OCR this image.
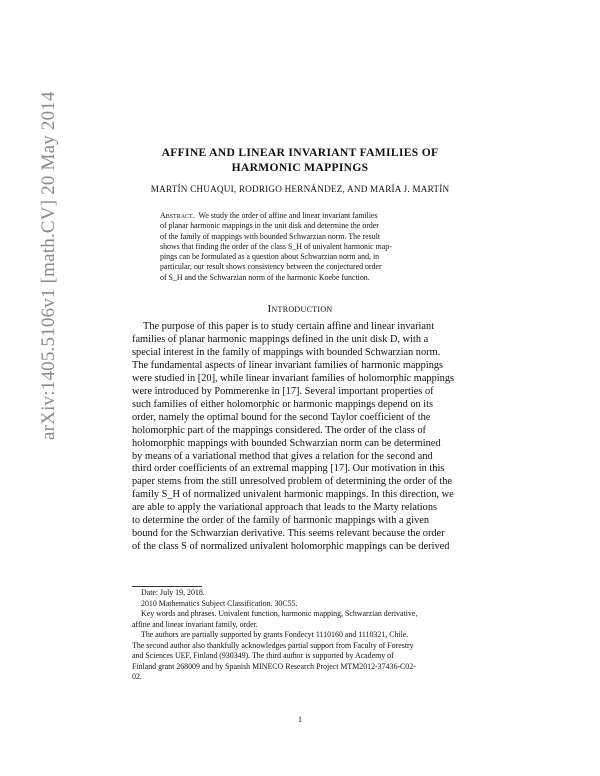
arXiv:1405.5106v1 [math.CV] 20 May 2014	AFFINE AND LINEAR INVARIANT FAMILIES OF
HARMONIC MAPPINGS
MARTÍN CHUAQUI, RODRIGO HERNÁNDEZ, AND MARÍA J. MARTÍN
Abstract. We study the order of affine and linear invariant families
of planar harmonic mappings in the unit disk and determine the order
of the family of mappings with bounded Schwarzian norm. The result
shows that finding the order of the class S_H of univalent harmonic map-
pings can be formulated as a question about Schwarzian norm and, in
particular, our result shows consistency between the conjectured order
of S_H and the Schwarzian norm of the harmonic Koebe function.
Introduction
The purpose of this paper is to study certain affine and linear invariant
families of planar harmonic mappings defined in the unit disk D, with a
special interest in the family of mappings with bounded Schwarzian norm.
The fundamental aspects of linear invariant families of harmonic mappings
were studied in [20], while linear invariant families of holomorphic mappings
were introduced by Pommerenke in [17]. Several important properties of
such families of either holomorphic or harmonic mappings depend on its
order, namely the optimal bound for the second Taylor coefficient of the
holomorphic part of the mappings considered. The order of the class of
holomorphic mappings with bounded Schwarzian norm can be determined
by means of a variational method that gives a relation for the second and
third order coefficients of an extremal mapping [17]. Our motivation in this
paper stems from the still unresolved problem of determining the order of the
family S_H of normalized univalent harmonic mappings. In this direction, we
are able to apply the variational approach that leads to the Marty relations
to determine the order of the family of harmonic mappings with a given
bound for the Schwarzian derivative. This seems relevant because the order
of the class S of normalized univalent holomorphic mappings can be derived
Date: July 19, 2018.
2010 Mathematics Subject Classification. 30C55.
Key words and phrases. Univalent function, harmonic mapping, Schwarzian derivative,
affine and linear invariant family, order.
The authors are partially supported by grants Fondecyt 1110160 and 1110321, Chile.
The second author also thankfully acknowledges partial support from Faculty of Forestry
and Sciences UEF, Finland (930349). The third author is supported by Academy of
Finland grant 268009 and by Spanish MINECO Research Project MTM2012-37436-C02-
02.
1
